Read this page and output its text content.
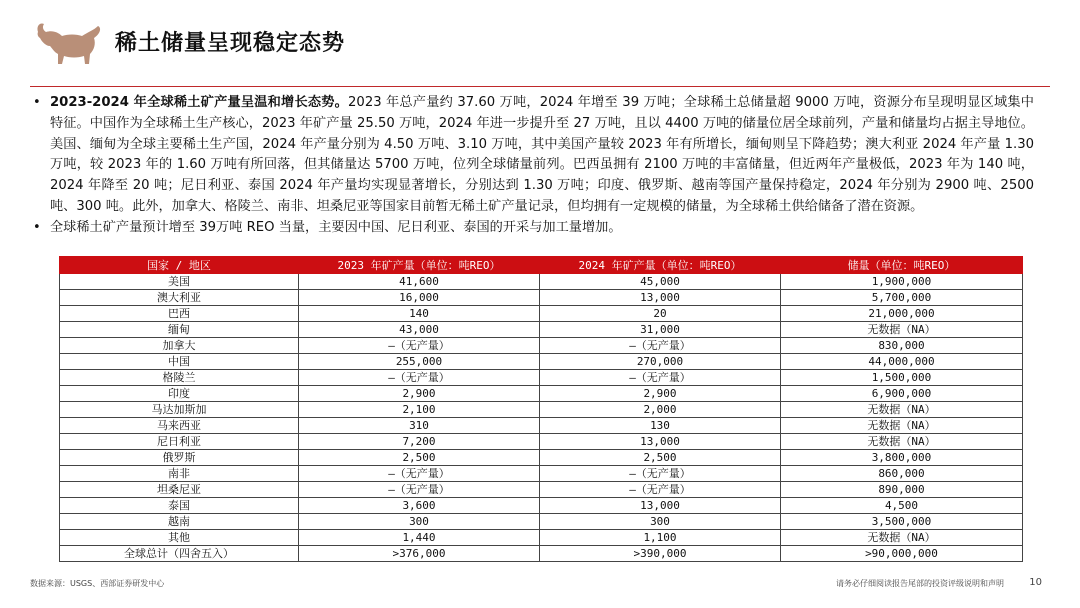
稀土储量呈现稳定态势
• 2023-2024 年全球稀土矿产量呈温和增长态势。2023 年总产量约 37.60 万吨，2024 年增至 39 万吨；全球稀土总储量超 9000 万吨，资源分布呈现明显区域集中特征。中国作为全球稀土生产核心，2023 年矿产量 25.50 万吨，2024 年进一步提升至 27 万吨，且以 4400 万吨的储量位居全球前列，产量和储量均占据主导地位。美国、缅甸为全球主要稀土生产国，2024 年产量分别为 4.50 万吨、3.10 万吨，其中美国产量较 2023 年有所增长，缅甸则呈下降趋势；澳大利亚 2024 年产量 1.30 万吨，较 2023 年的 1.60 万吨有所回落，但其储量达 5700 万吨，位列全球储量前列。巴西虽拥有 2100 万吨的丰富储量，但近两年产量极低，2023 年为 140 吨，2024 年降至 20 吨；尼日利亚、泰国 2024 年产量均实现显著增长，分别达到 1.30 万吨；印度、俄罗斯、越南等国产量保持稳定，2024 年分别为 2900 吨、2500 吨、300 吨。此外，加拿大、格陵兰、南非、坦桑尼亚等国家目前暂无稀土矿产量记录，但均拥有一定规模的储量，为全球稀土供给储备了潜在资源。
• 全球稀土矿产量预计增至 39万吨 REO 当量，主要因中国、尼日利亚、泰国的开采与加工量增加。
国家 / 地区	2023 年矿产量（单位：吨REO）	2024 年矿产量（单位：吨REO）	储量（单位：吨REO）
美国	41,600	45,000	1,900,000
澳大利亚	16,000	13,000	5,700,000
巴西	140	20	21,000,000
缅甸	43,000	31,000	无数据（NA）
加拿大	—（无产量）	—（无产量）	830,000
中国	255,000	270,000	44,000,000
格陵兰	—（无产量）	—（无产量）	1,500,000
印度	2,900	2,900	6,900,000
马达加斯加	2,100	2,000	无数据（NA）
马来西亚	310	130	无数据（NA）
尼日利亚	7,200	13,000	无数据（NA）
俄罗斯	2,500	2,500	3,800,000
南非	—（无产量）	—（无产量）	860,000
坦桑尼亚	—（无产量）	—（无产量）	890,000
泰国	3,600	13,000	4,500
越南	300	300	3,500,000
其他	1,440	1,100	无数据（NA）
全球总计（四舍五入）	>376,000	>390,000	>90,000,000
数据来源：USGS、西部证券研发中心	请务必仔细阅读报告尾部的投资评级说明和声明	10
